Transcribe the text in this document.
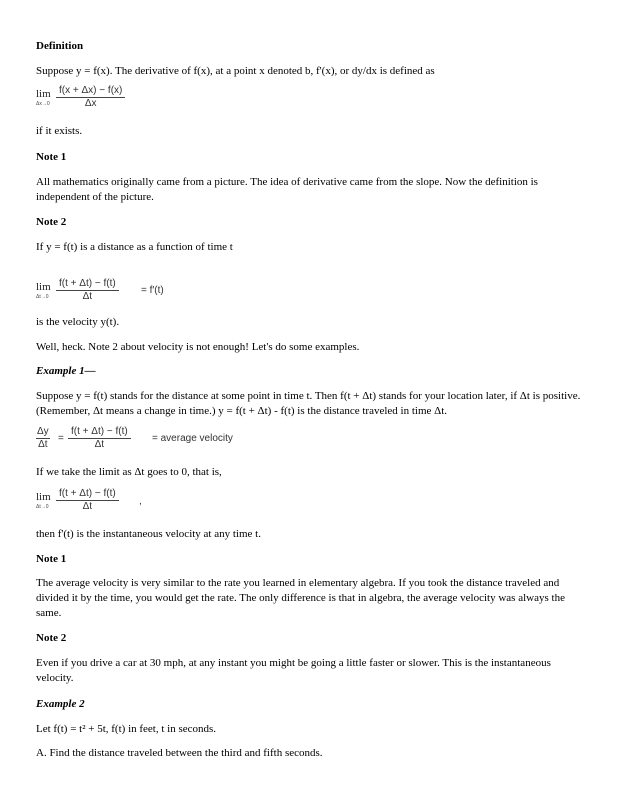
Definition

Suppose y = f(x). The derivative of f(x), at a point x denoted b, f'(x), or dy/dx is defined as

lim
Δx→0
f(x + Δx) − f(x)
Δx

if it exists.

Note 1

All mathematics originally came from a picture. The idea of derivative came from the slope. Now the definition is independent of the picture.

Note 2

If y = f(t) is a distance as a function of time t

lim
Δt→0
f(t + Δt) − f(t)
Δt
= f′(t)

is the velocity y(t).

Well, heck. Note 2 about velocity is not enough! Let's do some examples.

Example 1—

Suppose y = f(t) stands for the distance at some point in time t. Then f(t + Δt) stands for your location later, if Δt is positive. (Remember, Δt means a change in time.) y = f(t + Δt) - f(t) is the distance traveled in time Δt.

Δy
Δt
=
f(t + Δt) − f(t)
Δt
= average velocity

If we take the limit as Δt goes to 0, that is,

lim
Δt→0
f(t + Δt) − f(t)
Δt	,

then f'(t) is the instantaneous velocity at any time t.

Note 1

The average velocity is very similar to the rate you learned in elementary algebra. If you took the distance traveled and divided it by the time, you would get the rate. The only difference is that in algebra, the average velocity was always the same.

Note 2

Even if you drive a car at 30 mph, at any instant you might be going a little faster or slower. This is the instantaneous velocity.

Example 2

Let f(t) = t² + 5t, f(t) in feet, t in seconds.

A. Find the distance traveled between the third and fifth seconds.
